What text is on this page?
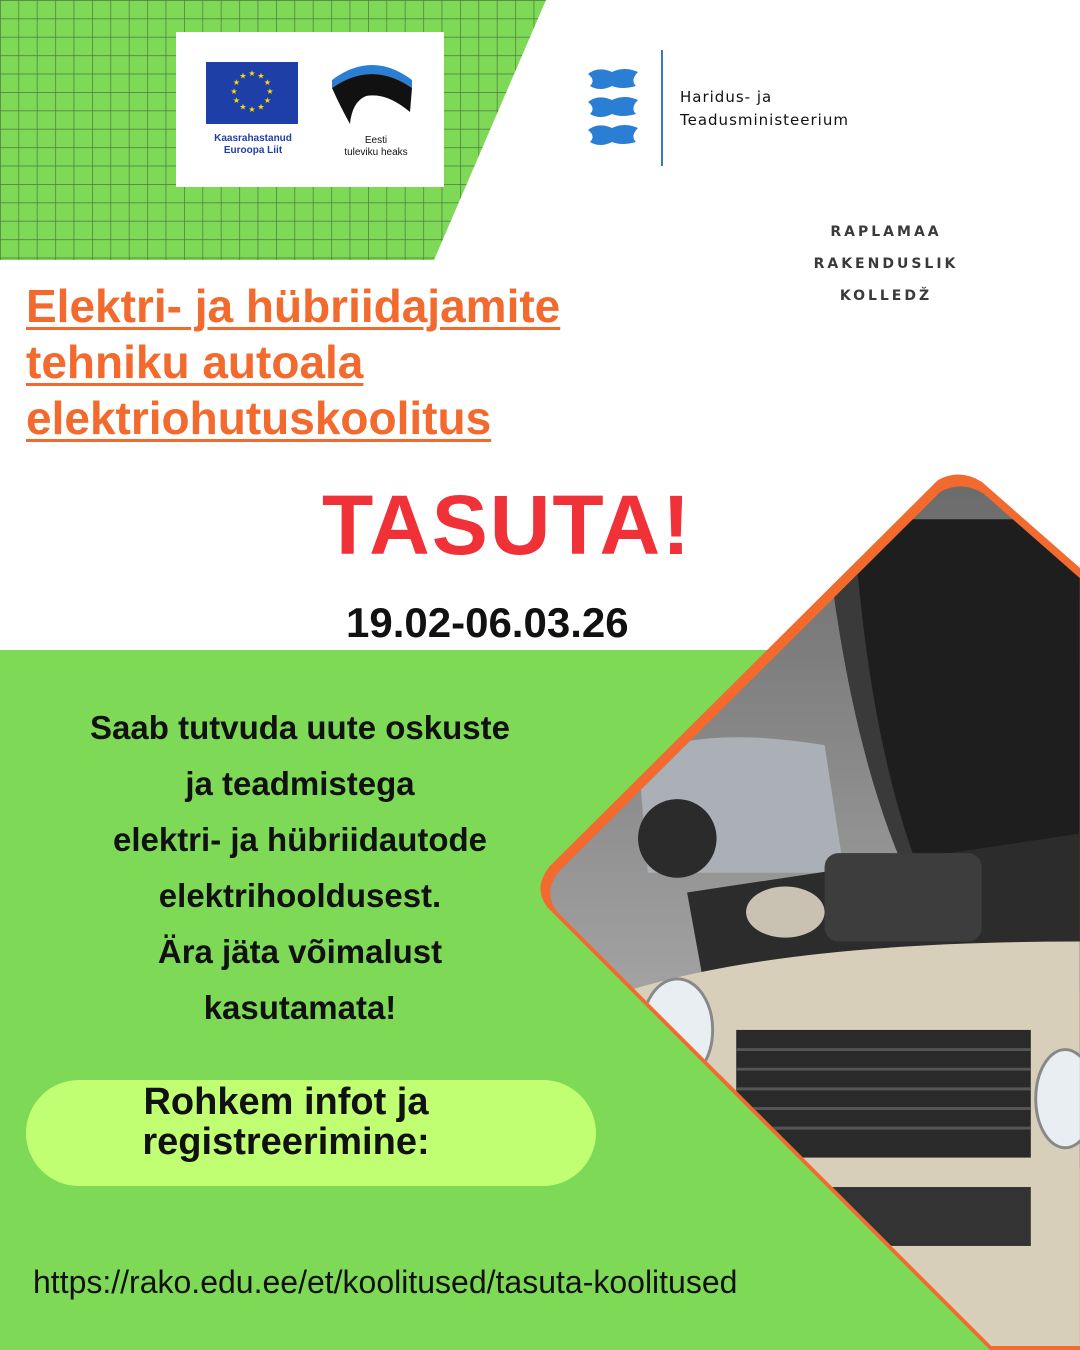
★ ★
★
★
★
★
★
★
★
★
★
★
Kaasrahastanud
Euroopa Liit
Eesti
tuleviku heaks
Haridus- ja
Teadusministeerium
RAPLAMAA
RAKENDUSLIK
KOLLEDŽ
Elektri- ja hübriidajamite
tehniku autoala
elektriohutuskoolitus
TASUTA!
19.02-06.03.26
Saab tutvuda uute oskuste
ja teadmistega
elektri- ja hübriidautode
elektrihooldusest.
Ära jäta võimalust
kasutamata!
Rohkem infot ja
registreerimine:
https://rako.edu.ee/et/koolitused/tasuta-koolitused
